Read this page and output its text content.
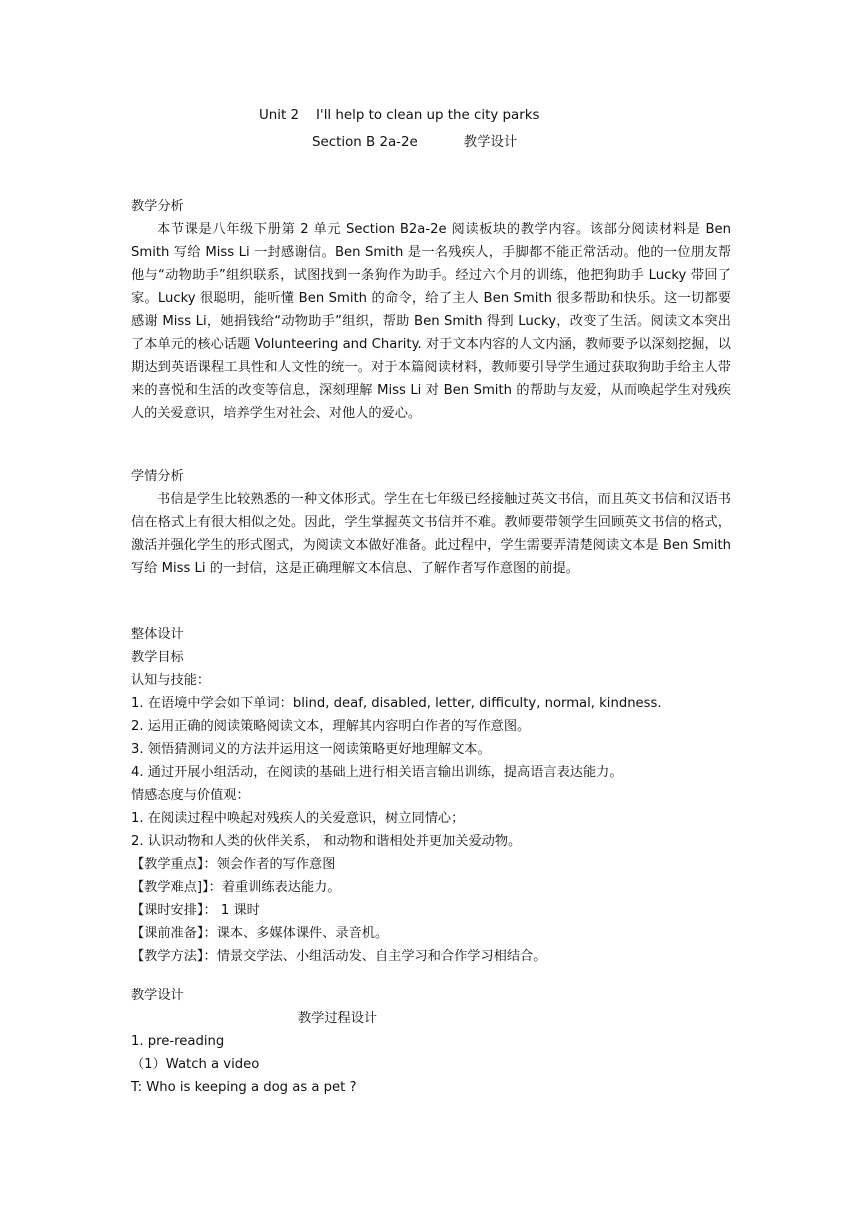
Unit 2    I'll help to clean up the city parks
Section B 2a-2e	教学设计
教学分析
本节课是八年级下册第 2 单元 Section B2a-2e 阅读板块的教学内容。该部分阅读材料是 Ben Smith 写给 Miss Li 一封感谢信。Ben Smith 是一名残疾人，手脚都不能正常活动。他的一位朋友帮他与“动物助手”组织联系，试图找到一条狗作为助手。经过六个月的训练，他把狗助手 Lucky 带回了家。Lucky 很聪明，能听懂 Ben Smith 的命令，给了主人 Ben Smith 很多帮助和快乐。这一切都要感谢 Miss Li，她捐钱给“动物助手”组织，帮助 Ben Smith 得到 Lucky，改变了生活。阅读文本突出了本单元的核心话题 Volunteering and Charity. 对于文本内容的人文内涵，教师要予以深刻挖掘，以期达到英语课程工具性和人文性的统一。对于本篇阅读材料，教师要引导学生通过获取狗助手给主人带来的喜悦和生活的改变等信息，深刻理解 Miss Li 对 Ben Smith 的帮助与友爱，从而唤起学生对残疾人的关爱意识，培养学生对社会、对他人的爱心。
学情分析
书信是学生比较熟悉的一种文体形式。学生在七年级已经接触过英文书信，而且英文书信和汉语书信在格式上有很大相似之处。因此，学生掌握英文书信并不难。教师要带领学生回顾英文书信的格式，激活并强化学生的形式图式，为阅读文本做好准备。此过程中，学生需要弄清楚阅读文本是 Ben Smith 写给 Miss Li 的一封信，这是正确理解文本信息、了解作者写作意图的前提。
整体设计
教学目标
认知与技能：
1. 在语境中学会如下单词：blind, deaf, disabled, letter, difficulty, normal, kindness.
2. 运用正确的阅读策略阅读文本，理解其内容明白作者的写作意图。
3. 领悟猜测词义的方法并运用这一阅读策略更好地理解文本。
4. 通过开展小组活动，在阅读的基础上进行相关语言输出训练，提高语言表达能力。
情感态度与价值观：
1. 在阅读过程中唤起对残疾人的关爱意识，树立同情心；
2. 认识动物和人类的伙伴关系， 和动物和谐相处并更加关爱动物。
【教学重点】：领会作者的写作意图
【教学难点]】：着重训练表达能力。
【课时安排】： 1 课时
【课前准备】：课本、多媒体课件、录音机。
【教学方法】：情景交学法、小组活动发、自主学习和合作学习相结合。
教学设计
教学过程设计
1. pre-reading
（1）Watch a video
T: Who is keeping a dog as a pet ?
